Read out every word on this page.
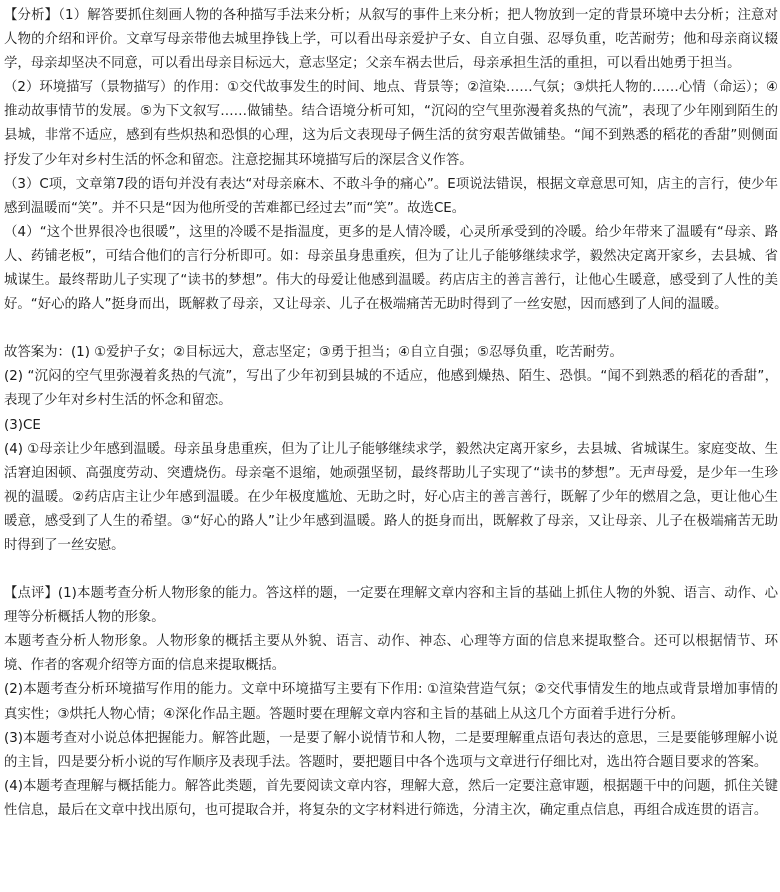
【分析】（1）解答要抓住刻画人物的各种描写手法来分析；从叙写的事件上来分析；把人物放到一定的背景环境中去分析；注意对人物的介绍和评价。文章写母亲带他去城里挣钱上学，可以看出母亲爱护子女、自立自强、忍辱负重，吃苦耐劳；他和母亲商议辍学，母亲却坚决不同意，可以看出母亲目标远大，意志坚定；父亲车祸去世后，母亲承担生活的重担，可以看出她勇于担当。

（2）环境描写（景物描写）的作用：①交代故事发生的时间、地点、背景等；②渲染……气氛；③烘托人物的……心情（命运）；④推动故事情节的发展。⑤为下文叙写……做铺垫。结合语境分析可知，“沉闷的空气里弥漫着炙热的气流”，表现了少年刚到陌生的县城，非常不适应，感到有些炽热和恐惧的心理，这为后文表现母子俩生活的贫穷艰苦做铺垫。“闻不到熟悉的稻花的香甜”则侧面抒发了少年对乡村生活的怀念和留恋。注意挖掘其环境描写后的深层含义作答。

（3）C项，文章第7段的语句并没有表达“对母亲麻木、不敢斗争的痛心”。E项说法错误，根据文章意思可知，店主的言行，使少年感到温暖而“笑”。并不只是“因为他所受的苦难都已经过去”而“笑”。故选CE。

（4）“这个世界很冷也很暖”，这里的冷暖不是指温度，更多的是人情冷暖，心灵所承受到的冷暖。给少年带来了温暖有“母亲、路人、药铺老板”，可结合他们的言行分析即可。如：母亲虽身患重疾，但为了让儿子能够继续求学，毅然决定离开家乡，去县城、省城谋生。最终帮助儿子实现了“读书的梦想”。伟大的母爱让他感到温暖。药店店主的善言善行，让他心生暖意，感受到了人性的美好。“好心的路人”挺身而出，既解救了母亲，又让母亲、儿子在极端痛苦无助时得到了一丝安慰，因而感到了人间的温暖。

故答案为：(1) ①爱护子女；②目标远大，意志坚定；③勇于担当；④自立自强；⑤忍辱负重，吃苦耐劳。

(2) “沉闷的空气里弥漫着炙热的气流”，写出了少年初到县城的不适应，他感到燥热、陌生、恐惧。“闻不到熟悉的稻花的香甜”，表现了少年对乡村生活的怀念和留恋。

(3)CE

(4) ①母亲让少年感到温暖。母亲虽身患重疾，但为了让儿子能够继续求学，毅然决定离开家乡，去县城、省城谋生。家庭变故、生活窘迫困顿、高强度劳动、突遭烧伤。母亲毫不退缩，她顽强坚韧，最终帮助儿子实现了“读书的梦想”。无声母爱，是少年一生珍视的温暖。②药店店主让少年感到温暖。在少年极度尴尬、无助之时，好心店主的善言善行，既解了少年的燃眉之急，更让他心生暖意，感受到了人生的希望。③“好心的路人”让少年感到温暖。路人的挺身而出，既解救了母亲，又让母亲、儿子在极端痛苦无助时得到了一丝安慰。

【点评】(1)本题考查分析人物形象的能力。答这样的题，一定要在理解文章内容和主旨的基础上抓住人物的外貌、语言、动作、心理等分析概括人物的形象。

本题考查分析人物形象。人物形象的概括主要从外貌、语言、动作、神态、心理等方面的信息来提取整合。还可以根据情节、环境、作者的客观介绍等方面的信息来提取概括。

(2)本题考查分析环境描写作用的能力。文章中环境描写主要有下作用: ①渲染营造气氛；②交代事情发生的地点或背景增加事情的真实性；③烘托人物心情；④深化作品主题。答题时要在理解文章内容和主旨的基础上从这几个方面着手进行分析。

(3)本题考查对小说总体把握能力。解答此题，一是要了解小说情节和人物，二是要理解重点语句表达的意思，三是要能够理解小说的主旨，四是要分析小说的写作顺序及表现手法。答题时，要把题目中各个选项与文章进行仔细比对，选出符合题目要求的答案。

(4)本题考查理解与概括能力。解答此类题，首先要阅读文章内容，理解大意，然后一定要注意审题，根据题干中的问题，抓住关键性信息，最后在文章中找出原句，也可提取合并，将复杂的文字材料进行筛选，分清主次，确定重点信息，再组合成连贯的语言。
